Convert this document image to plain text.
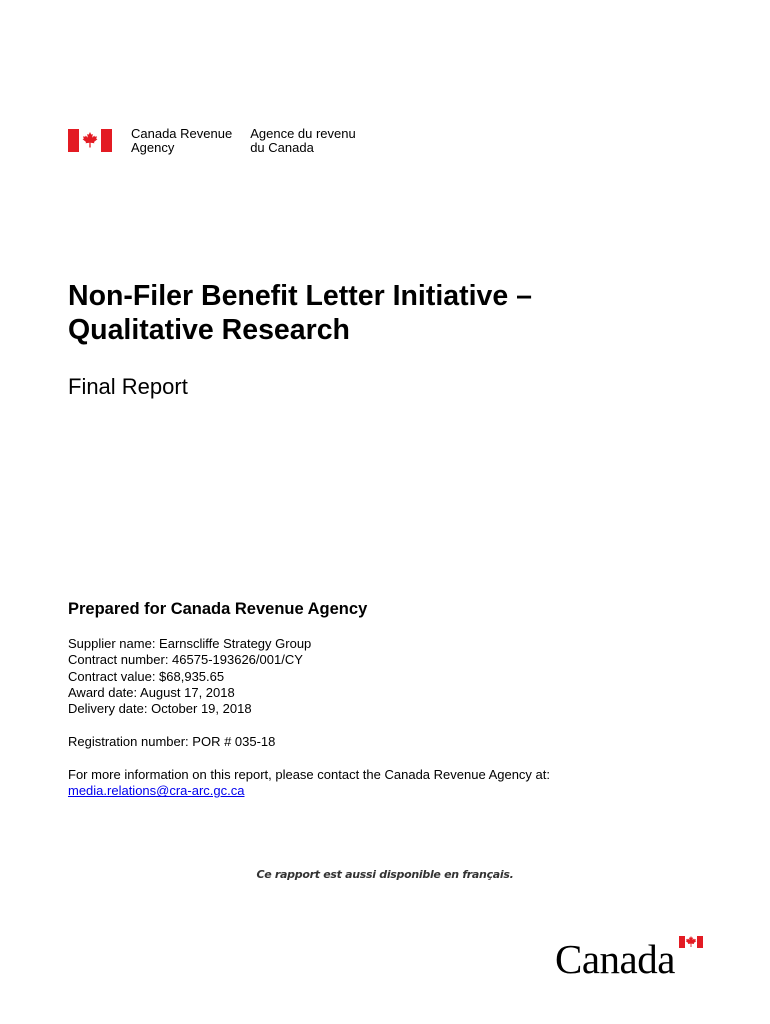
Canada Revenue
Agency
Agence du revenu
du Canada
Non-Filer Benefit Letter Initiative –
Qualitative Research
Final Report
Prepared for Canada Revenue Agency
Supplier name: Earnscliffe Strategy Group
Contract number: 46575-193626/001/CY
Contract value: $68,935.65
Award date: August 17, 2018
Delivery date: October 19, 2018
Registration number: POR # 035-18
For more information on this report, please contact the Canada Revenue Agency at:
media.relations@cra-arc.gc.ca
Ce rapport est aussi disponible en français.
Canada
